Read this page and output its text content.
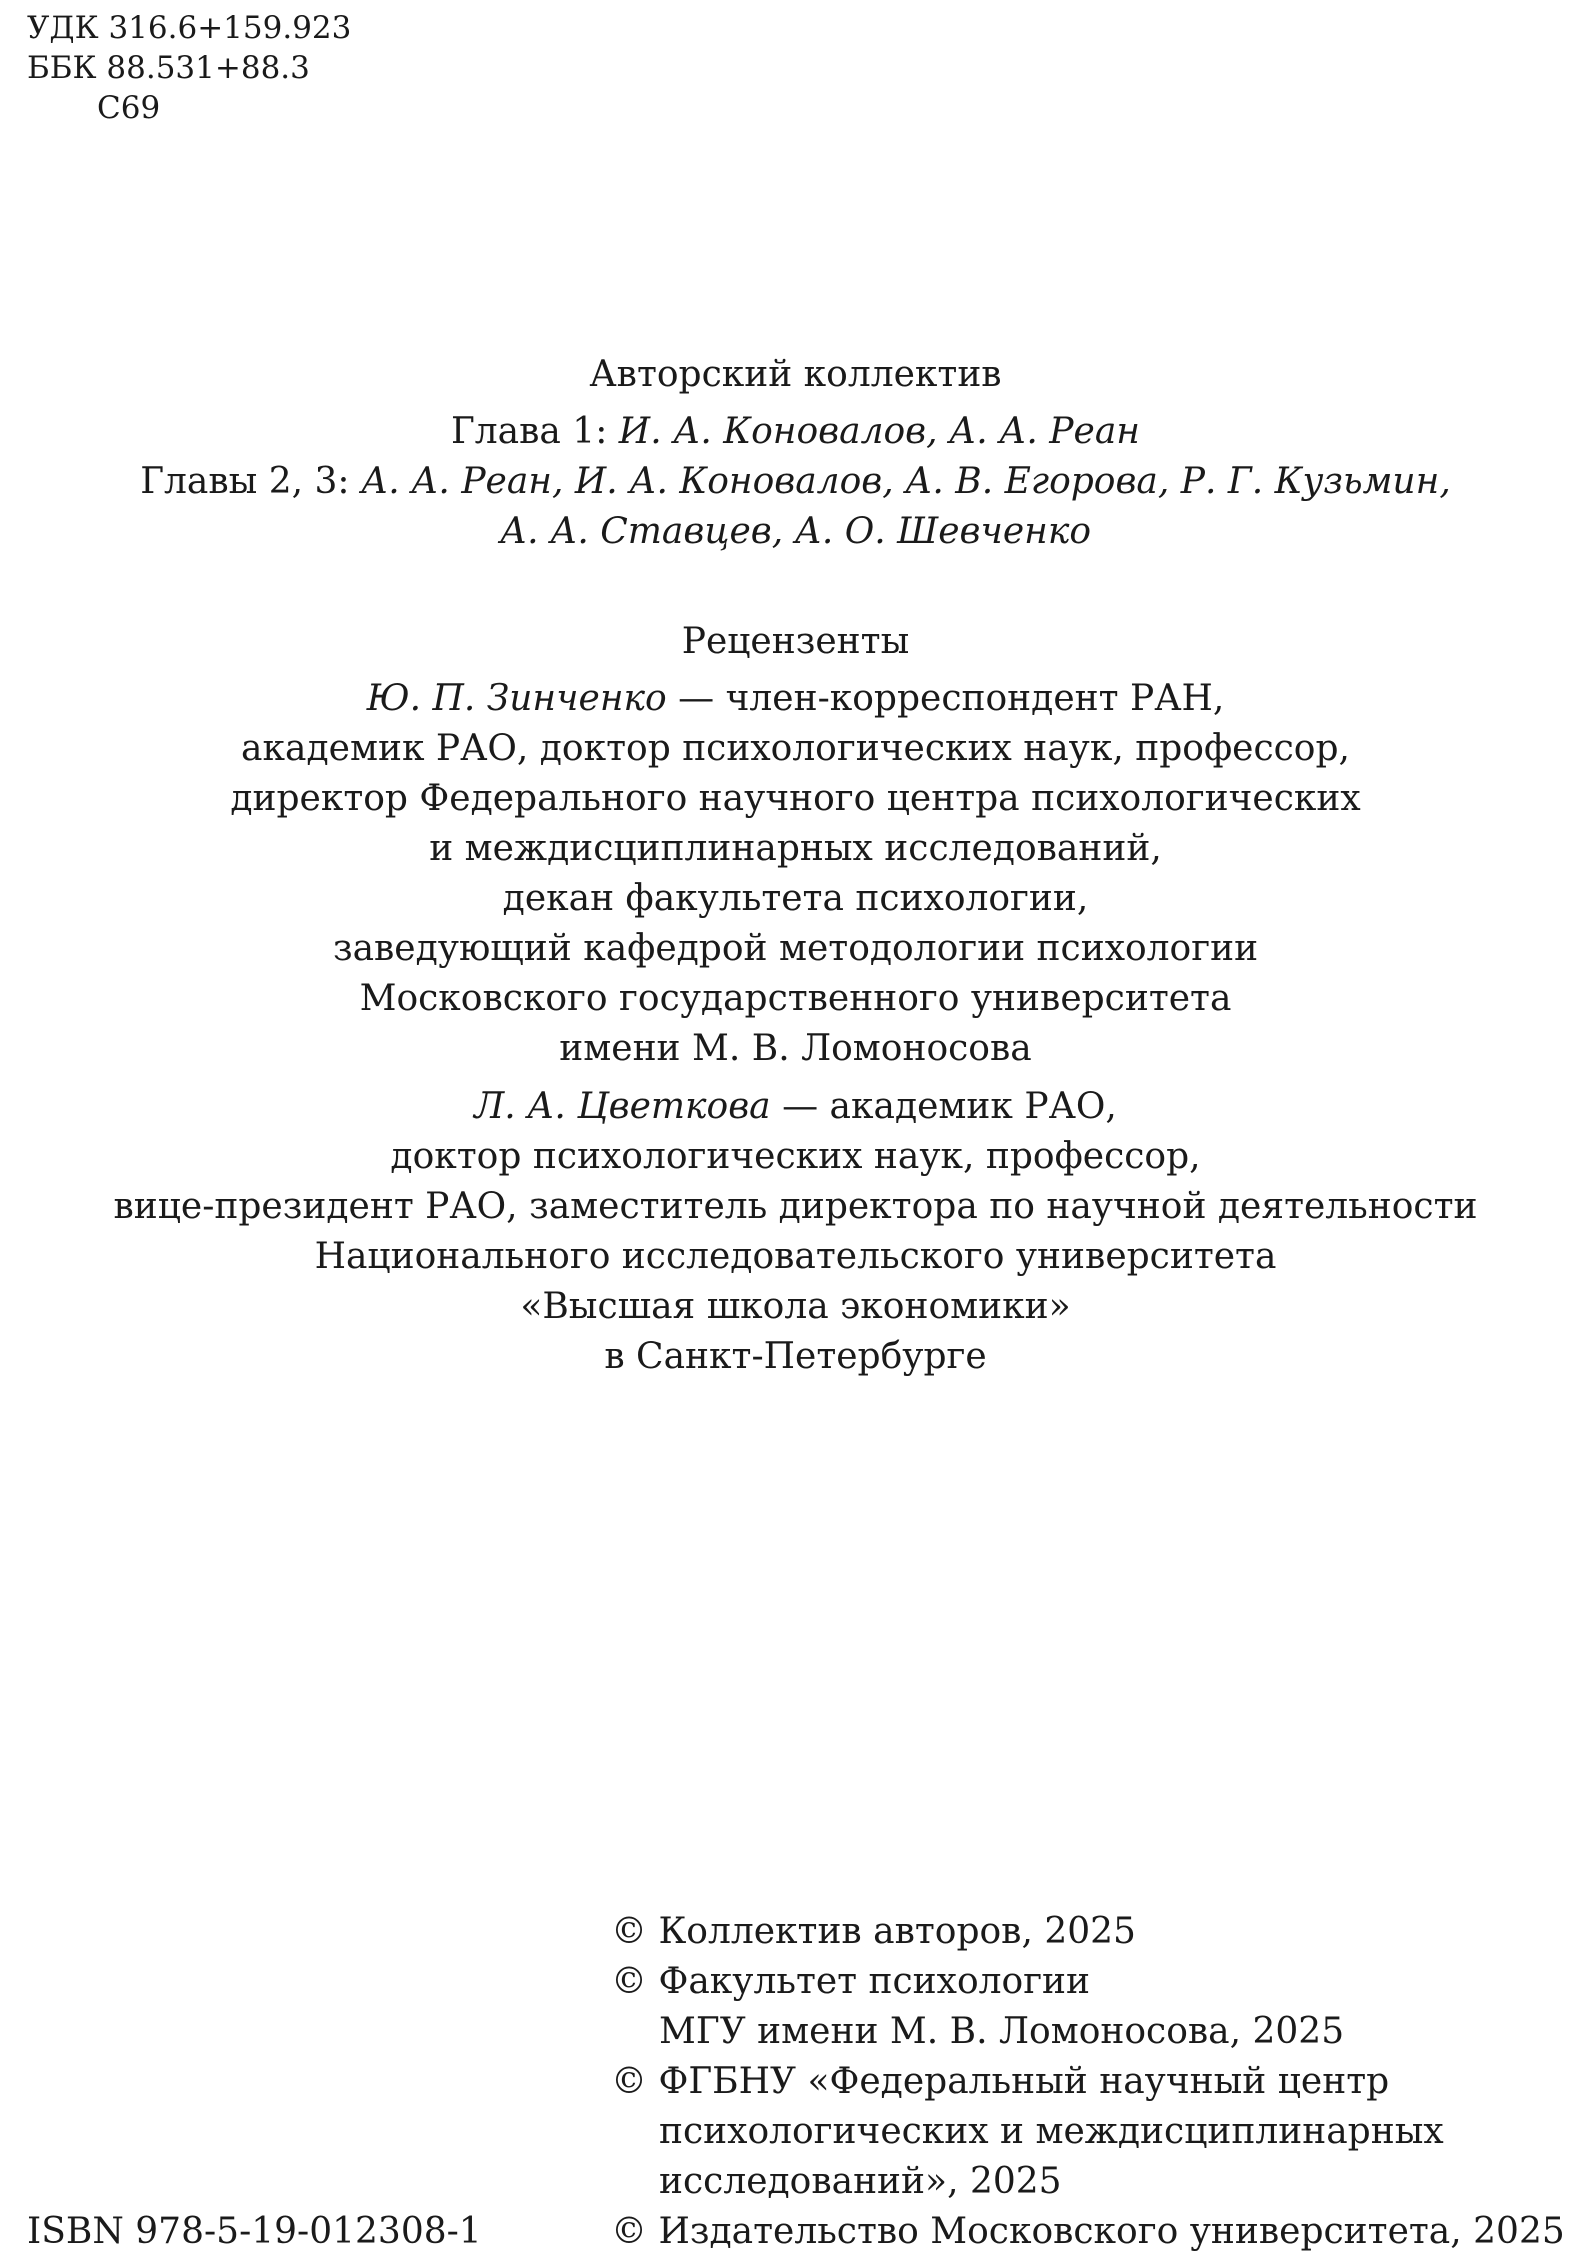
УДК 316.6+159.923
ББК 88.531+88.3
С69
Авторский коллектив
Глава 1: И. А. Коновалов, А. А. Реан
Главы 2, 3: А. А. Реан, И. А. Коновалов, А. В. Егорова, Р. Г. Кузьмин,
А. А. Ставцев, А. О. Шевченко
Рецензенты
Ю. П. Зинченко — член-корреспондент РАН,
академик РАО, доктор психологических наук, профессор,
директор Федерального научного центра психологических
и междисциплинарных исследований,
декан факультета психологии,
заведующий кафедрой методологии психологии
Московского государственного университета
имени М. В. Ломоносова
Л. А. Цветкова — академик РАО,
доктор психологических наук, профессор,
вице-президент РАО, заместитель директора по научной деятельности
Национального исследовательского университета
«Высшая школа экономики»
в Санкт-Петербурге
© Коллектив авторов, 2025
© Факультет психологии
МГУ имени М. В. Ломоносова, 2025
© ФГБНУ «Федеральный научный центр
психологических и междисциплинарных
исследований», 2025
© Издательство Московского университета, 2025
ISBN 978-5-19-012308-1
